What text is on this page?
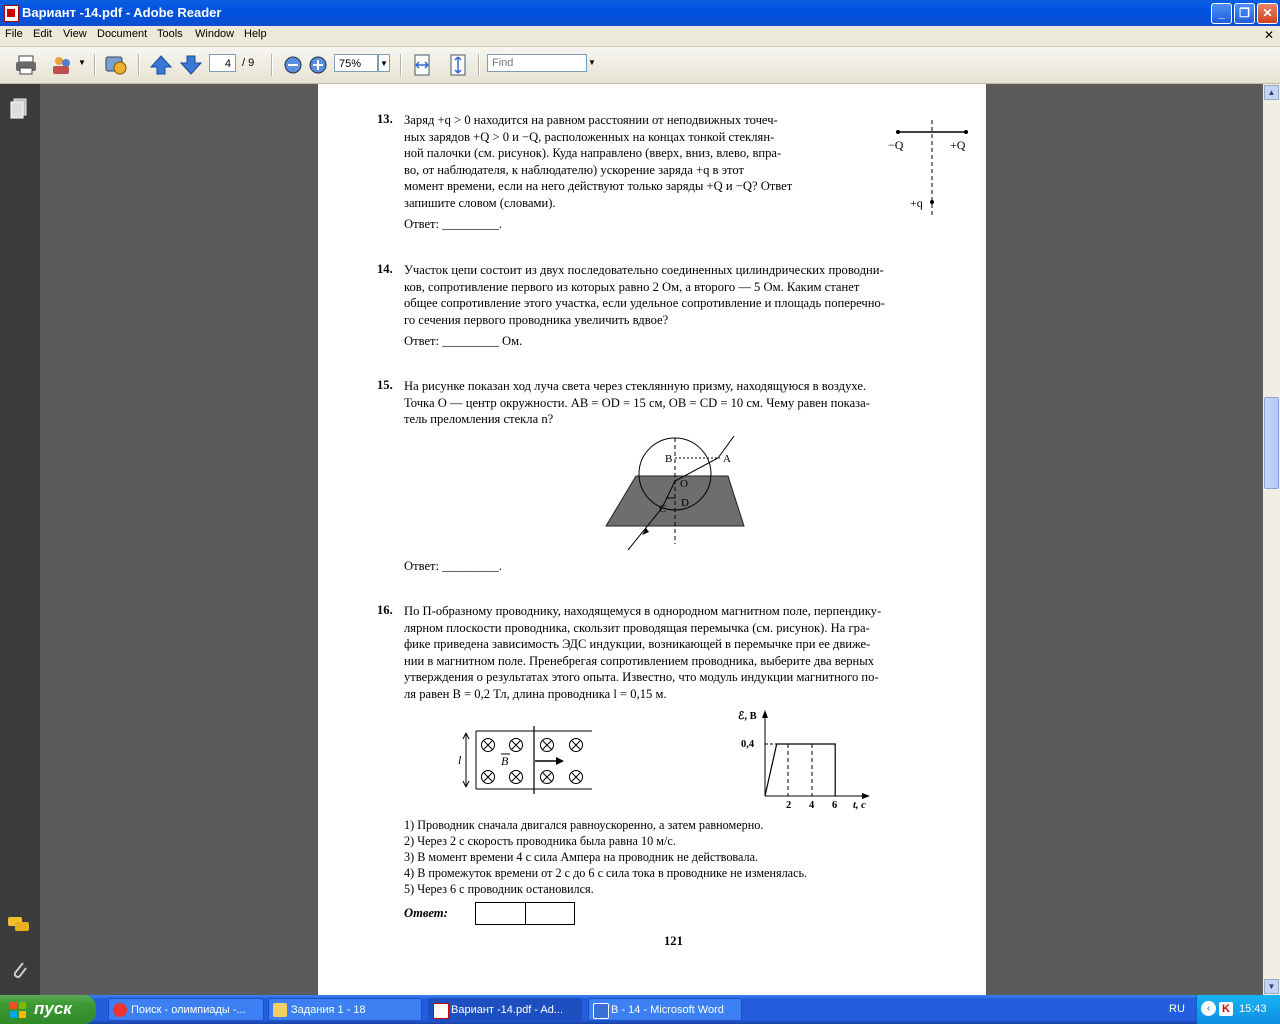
Вариант -14.pdf - Adobe Reader	_	❐	✕
File Edit View Document Tools Window Help	✕
▼	4	/ 9	75%	▼
Find	▼
13. Заряд +q > 0 находится на равном расстоянии от неподвижных точеч-
ных зарядов +Q > 0 и −Q, расположенных на концах тонкой стеклян-
ной палочки (см. рисунок). Куда направлено (вверх, вниз, влево, впра-
во, от наблюдателя, к наблюдателю) ускорение заряда +q в этот
момент времени, если на него действуют только заряды +Q и −Q? Ответ
запишите словом (словами).
Ответ: _________.
−Q	+Q
+q
14. Участок цепи состоит из двух последовательно соединенных цилиндрических проводни-
ков, сопротивление первого из которых равно 2 Ом, а второго — 5 Ом. Каким станет
общее сопротивление этого участка, если удельное сопротивление и площадь поперечно-
го сечения первого проводника увеличить вдвое?
Ответ: _________ Ом.
15. На рисунке показан ход луча света через стеклянную призму, находящуюся в воздухе.
Точка O — центр окружности. AB = OD = 15 см, OB = CD = 10 см. Чему равен показа-
тель преломления стекла n?
B	A
O
D
C
Ответ: _________.
16. По П-образному проводнику, находящемуся в однородном магнитном поле, перпендику-
лярном плоскости проводника, скользит проводящая перемычка (см. рисунок). На гра-
фике приведена зависимость ЭДС индукции, возникающей в перемычке при ее движе-
нии в магнитном поле. Пренебрегая сопротивлением проводника, выберите два верных
утверждения о результатах этого опыта. Известно, что модуль индукции магнитного по-
ля равен B = 0,2 Тл, длина проводника l = 0,15 м.
l	B
ℰ, В
t, с
0,4
2 4 6
1) Проводник сначала двигался равноускоренно, а затем равномерно.
2) Через 2 с скорость проводника была равна 10 м/с.
3) В момент времени 4 с сила Ампера на проводник не действовала.
4) В промежуток времени от 2 с до 6 с сила тока в проводнике не изменялась.
5) Через 6 с проводник остановился.
Ответ:
121
▲
▼
пуск	Поиск - олимпиады -...	Задания 1 - 18	Вариант -14.pdf - Ad...	В - 14 - Microsoft Word	RU	‹	K 15:43
